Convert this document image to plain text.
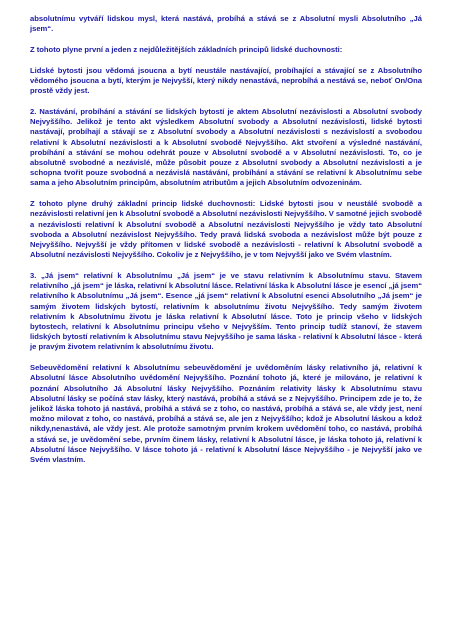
absolutnímu vytváří lidskou mysl, která nastává, probíhá a stává se z Absolutní mysli Absolutního „Já jsem“.

Z tohoto plyne první a jeden z nejdůležitějších základních principů lidské duchovnosti:

Lidské bytosti jsou vědomá jsoucna a bytí neustále nastávající, probíhající a stávající se z Absolutního vědomého jsoucna a bytí, kterým je Nejvyšší, který nikdy nenastává, neprobíhá a nestává se, neboť On/Ona prostě vždy jest.

2. Nastávání, probíhání a stávání se lidských bytostí je aktem Absolutní nezávislosti a Absolutní svobody Nejvyššího. Jelikož je tento akt výsledkem Absolutní svobody a Absolutní nezávislosti, lidské bytosti nastávají, probíhají a stávají se z Absolutní svobody a Absolutní nezávislosti s nezávislostí a svobodou relativní k Absolutní nezávislosti a k Absolutní svobodě Nejvyššího. Akt stvoření a výsledné nastávání, probíhání a stávání se mohou odehrát pouze v Absolutní svobodě a v Absolutní nezávislosti. To, co je absolutně svobodné a nezávislé, může působit pouze z Absolutní svobody a Absolutní nezávislosti a je schopna tvořit pouze svobodná a nezávislá nastávání, probíhání a stávání se relativní k Absolutnímu sebe sama a jeho Absolutním principům, absolutním atributům a jejich Absolutním odvozeninám.

Z tohoto plyne druhý základní princip lidské duchovnosti: Lidské bytosti jsou v neustálé svobodě a nezávislosti relativní jen k Absolutní svobodě a Absolutní nezávislosti Nejvyššího. V samotné jejich svobodě a nezávislosti relativní k Absolutní svobodě a Absolutní nezávislosti Nejvyššího je vždy tato Absolutní svoboda a Absolutní nezávislost Nejvyššího. Tedy pravá lidská svoboda a nezávislost může být pouze z Nejvyššího. Nejvyšší je vždy přítomen v lidské svobodě a nezávislosti - relativní k Absolutní svobodě a Absolutní nezávislosti Nejvyššího. Cokoliv je z Nejvyššího, je v tom Nejvyšší jako ve Svém vlastním.

3. „Já jsem“ relativní k Absolutnímu „Já jsem“ je ve stavu relativním k Absolutnímu stavu. Stavem relativního „já jsem“ je láska, relativní k Absolutní lásce. Relativní láska k Absolutní lásce je esencí „já jsem“ relativního k Absolutnímu „Já jsem“. Esence „já jsem“ relativní k Absolutní esenci Absolutního „Já jsem“ je samým životem lidských bytostí, relativním k absolutnímu životu Nejvyššího. Tedy samým životem relativním k Absolutnímu životu je láska relativní k Absolutní lásce. Toto je princip všeho v lidských bytostech, relativní k Absolutnímu principu všeho v Nejvyšším. Tento princip tudíž stanoví, že stavem lidských bytostí relativním k Absolutnímu stavu Nejvyššího je sama láska - relativní k Absolutní lásce - která je pravým životem relativním k absolutnímu životu.

Sebeuvědomění relativní k Absolutnímu sebeuvědomění je uvědoměním lásky relativního já, relativní k Absolutní lásce Absolutního uvědomění Nejvyššího. Poznání tohoto já, které je milováno, je relativní k poznání Absolutního Já Absolutní lásky Nejvyššího. Poznáním relativity lásky k Absolutnímu stavu Absolutní lásky se počíná stav lásky, který nastává, probíhá a stává se z Nejvyššího. Principem zde je to, že jelikož láska tohoto já nastává, probíhá a stává se z toho, co nastává, probíhá a stává se, ale vždy jest, není možno milovat z toho, co nastává, probíhá a stává se, ale jen z Nejvyššího; kdož je Absolutní láskou a kdož nikdy,nenastává, ale vždy jest. Ale protože samotným prvním krokem uvědomění toho, co nastává, probíhá a stává se, je uvědomění sebe, prvním činem lásky, relativní k Absolutní lásce, je láska tohoto já, relativní k Absolutní lásce Nejvyššího. V lásce tohoto já - relativní k Absolutní lásce Nejvyššího - je Nejvyšší jako ve Svém vlastním.
